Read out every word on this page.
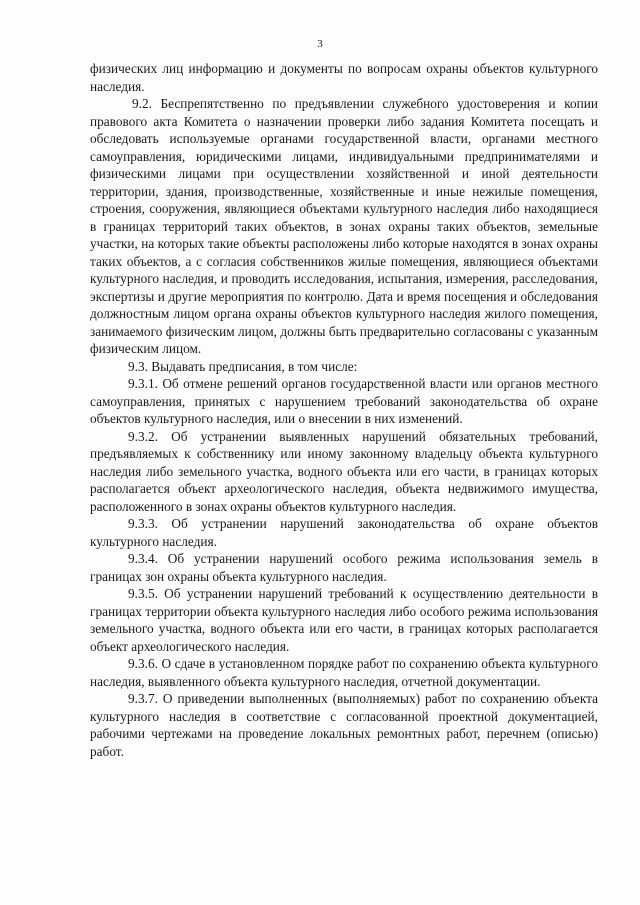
3

физических лиц информацию и документы по вопросам охраны объектов культурного наследия.

9.2. Беспрепятственно по предъявлении служебного удостоверения и копии правового акта Комитета о назначении проверки либо задания Комитета посещать и обследовать используемые органами государственной власти, органами местного самоуправления, юридическими лицами, индивидуальными предпринимателями и физическими лицами при осуществлении хозяйственной и иной деятельности территории, здания, производственные, хозяйственные и иные нежилые помещения, строения, сооружения, являющиеся объектами культурного наследия либо находящиеся в границах территорий таких объектов, в зонах охраны таких объектов, земельные участки, на которых такие объекты расположены либо которые находятся в зонах охраны таких объектов, а с согласия собственников жилые помещения, являющиеся объектами культурного наследия, и проводить исследования, испытания, измерения, расследования, экспертизы и другие мероприятия по контролю. Дата и время посещения и обследования должностным лицом органа охраны объектов культурного наследия жилого помещения, занимаемого физическим лицом, должны быть предварительно согласованы с указанным физическим лицом.

9.3. Выдавать предписания, в том числе:

9.3.1. Об отмене решений органов государственной власти или органов местного самоуправления, принятых с нарушением требований законодательства об охране объектов культурного наследия, или о внесении в них изменений.

9.3.2. Об устранении выявленных нарушений обязательных требований, предъявляемых к собственнику или иному законному владельцу объекта культурного наследия либо земельного участка, водного объекта или его части, в границах которых располагается объект археологического наследия, объекта недвижимого имущества, расположенного в зонах охраны объектов культурного наследия.

9.3.3. Об устранении нарушений законодательства об охране объектов культурного наследия.

9.3.4. Об устранении нарушений особого режима использования земель в границах зон охраны объекта культурного наследия.

9.3.5. Об устранении нарушений требований к осуществлению деятельности в границах территории объекта культурного наследия либо особого режима использования земельного участка, водного объекта или его части, в границах которых располагается объект археологического наследия.

9.3.6. О сдаче в установленном порядке работ по сохранению объекта культурного наследия, выявленного объекта культурного наследия, отчетной документации.

9.3.7. О приведении выполненных (выполняемых) работ по сохранению объекта культурного наследия в соответствие с согласованной проектной документацией, рабочими чертежами на проведение локальных ремонтных работ, перечнем (описью) работ.
